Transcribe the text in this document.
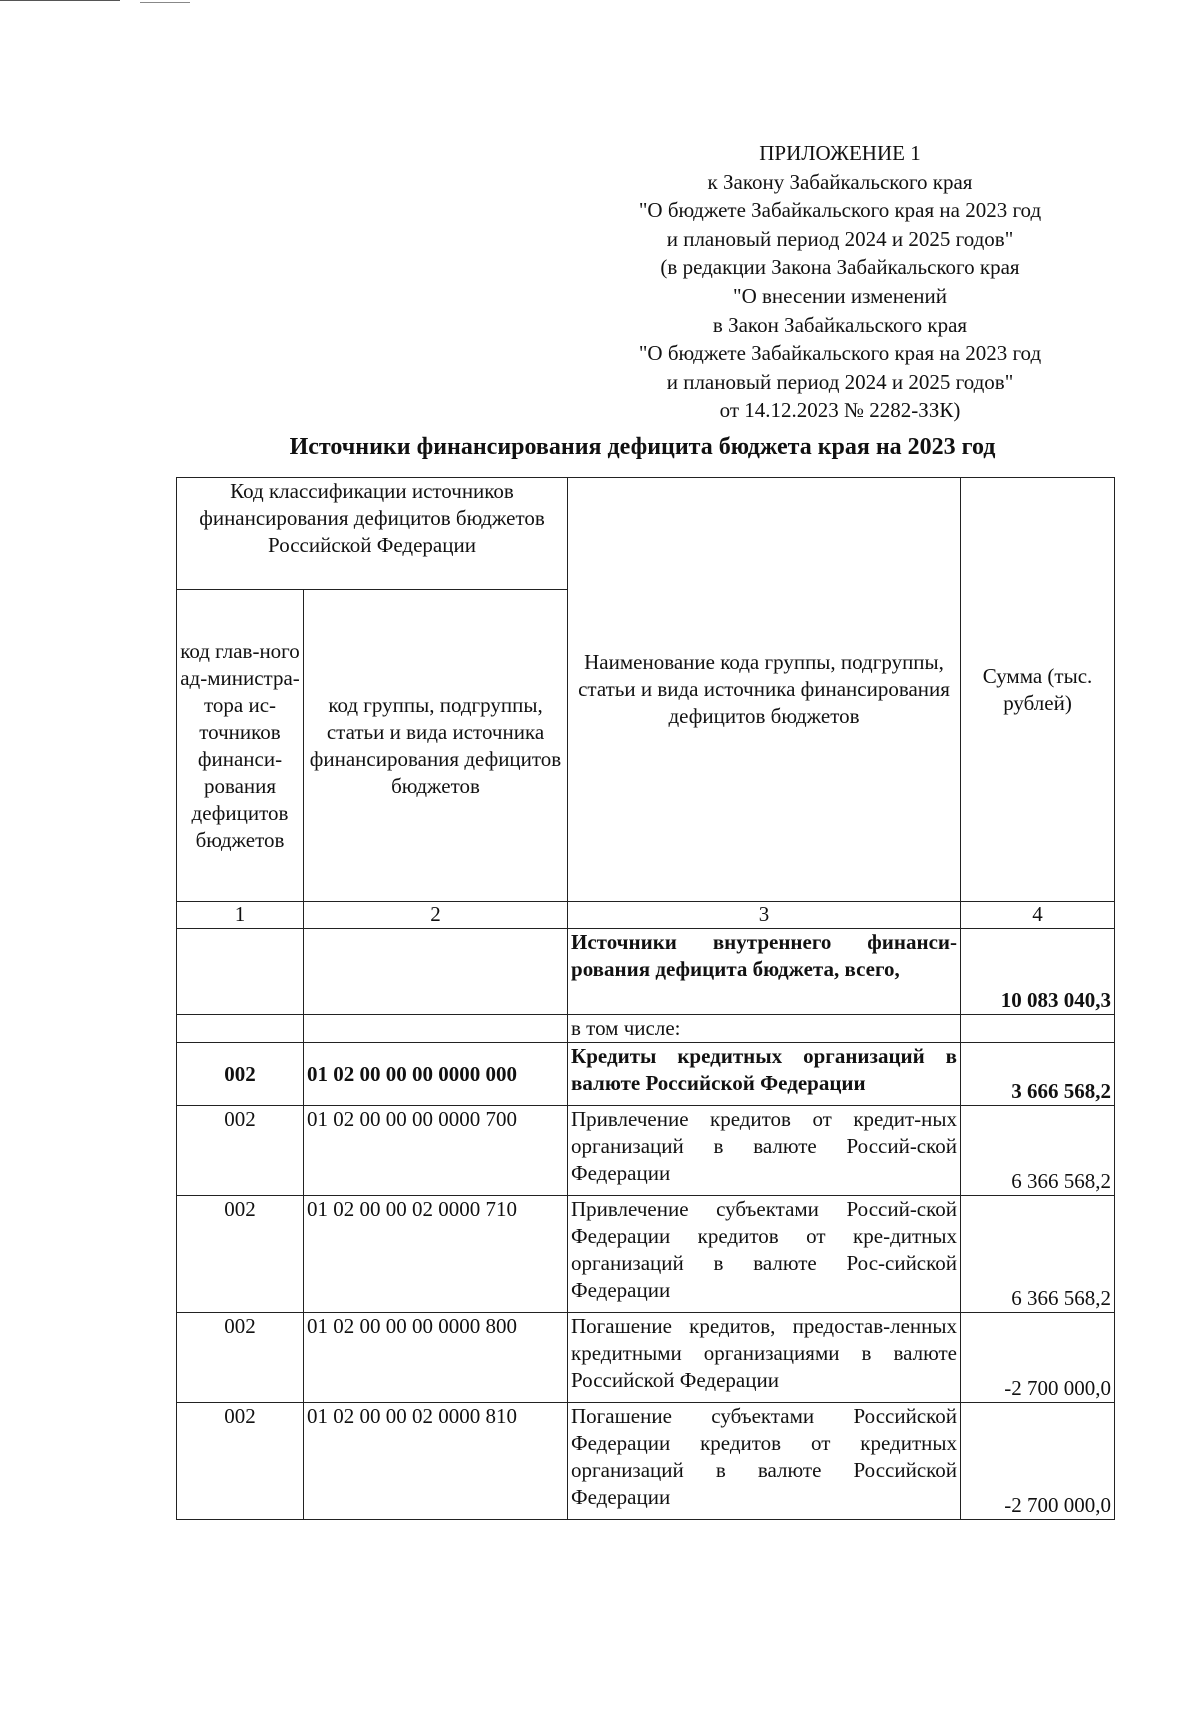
ПРИЛОЖЕНИЕ 1
к Закону Забайкальского края
"О бюджете Забайкальского края на 2023 год
и плановый период 2024 и 2025 годов"
(в редакции Закона Забайкальского края
"О внесении изменений
в Закон Забайкальского края
"О бюджете Забайкальского края на 2023 год
и плановый период 2024 и 2025 годов"
от 14.12.2023 № 2282-ЗЗК)
Источники финансирования дефицита бюджета края на 2023 год
Код классификации источников финансирования дефицитов бюджетов Российской Федерации		Наименование кода группы, подгруппы, статьи и вида источника финансирования дефицитов бюджетов	Сумма (тыс. рублей)
код глав-ного ад-министра-тора ис-точников финанси-рования дефицитов бюджетов	код группы, подгруппы, статьи и вида источника финансирования дефицитов бюджетов		
1	2	3	4
		Источники внутреннего финанси-рования дефицита бюджета, всего,	10 083 040,3
		в том числе:	
002	01 02 00 00 00 0000 000	Кредиты кредитных организаций в валюте Российской Федерации	3 666 568,2
002	01 02 00 00 00 0000 700	Привлечение кредитов от кредит-ных организаций в валюте Россий-ской Федерации	6 366 568,2
002	01 02 00 00 02 0000 710	Привлечение субъектами Россий-ской Федерации кредитов от кре-дитных организаций в валюте Рос-сийской Федерации	6 366 568,2
002	01 02 00 00 00 0000 800	Погашение кредитов, предостав-ленных кредитными организациями в валюте Российской Федерации	-2 700 000,0
002	01 02 00 00 02 0000 810	Погашение субъектами Российской Федерации кредитов от кредитных организаций в валюте Российской Федерации	-2 700 000,0
